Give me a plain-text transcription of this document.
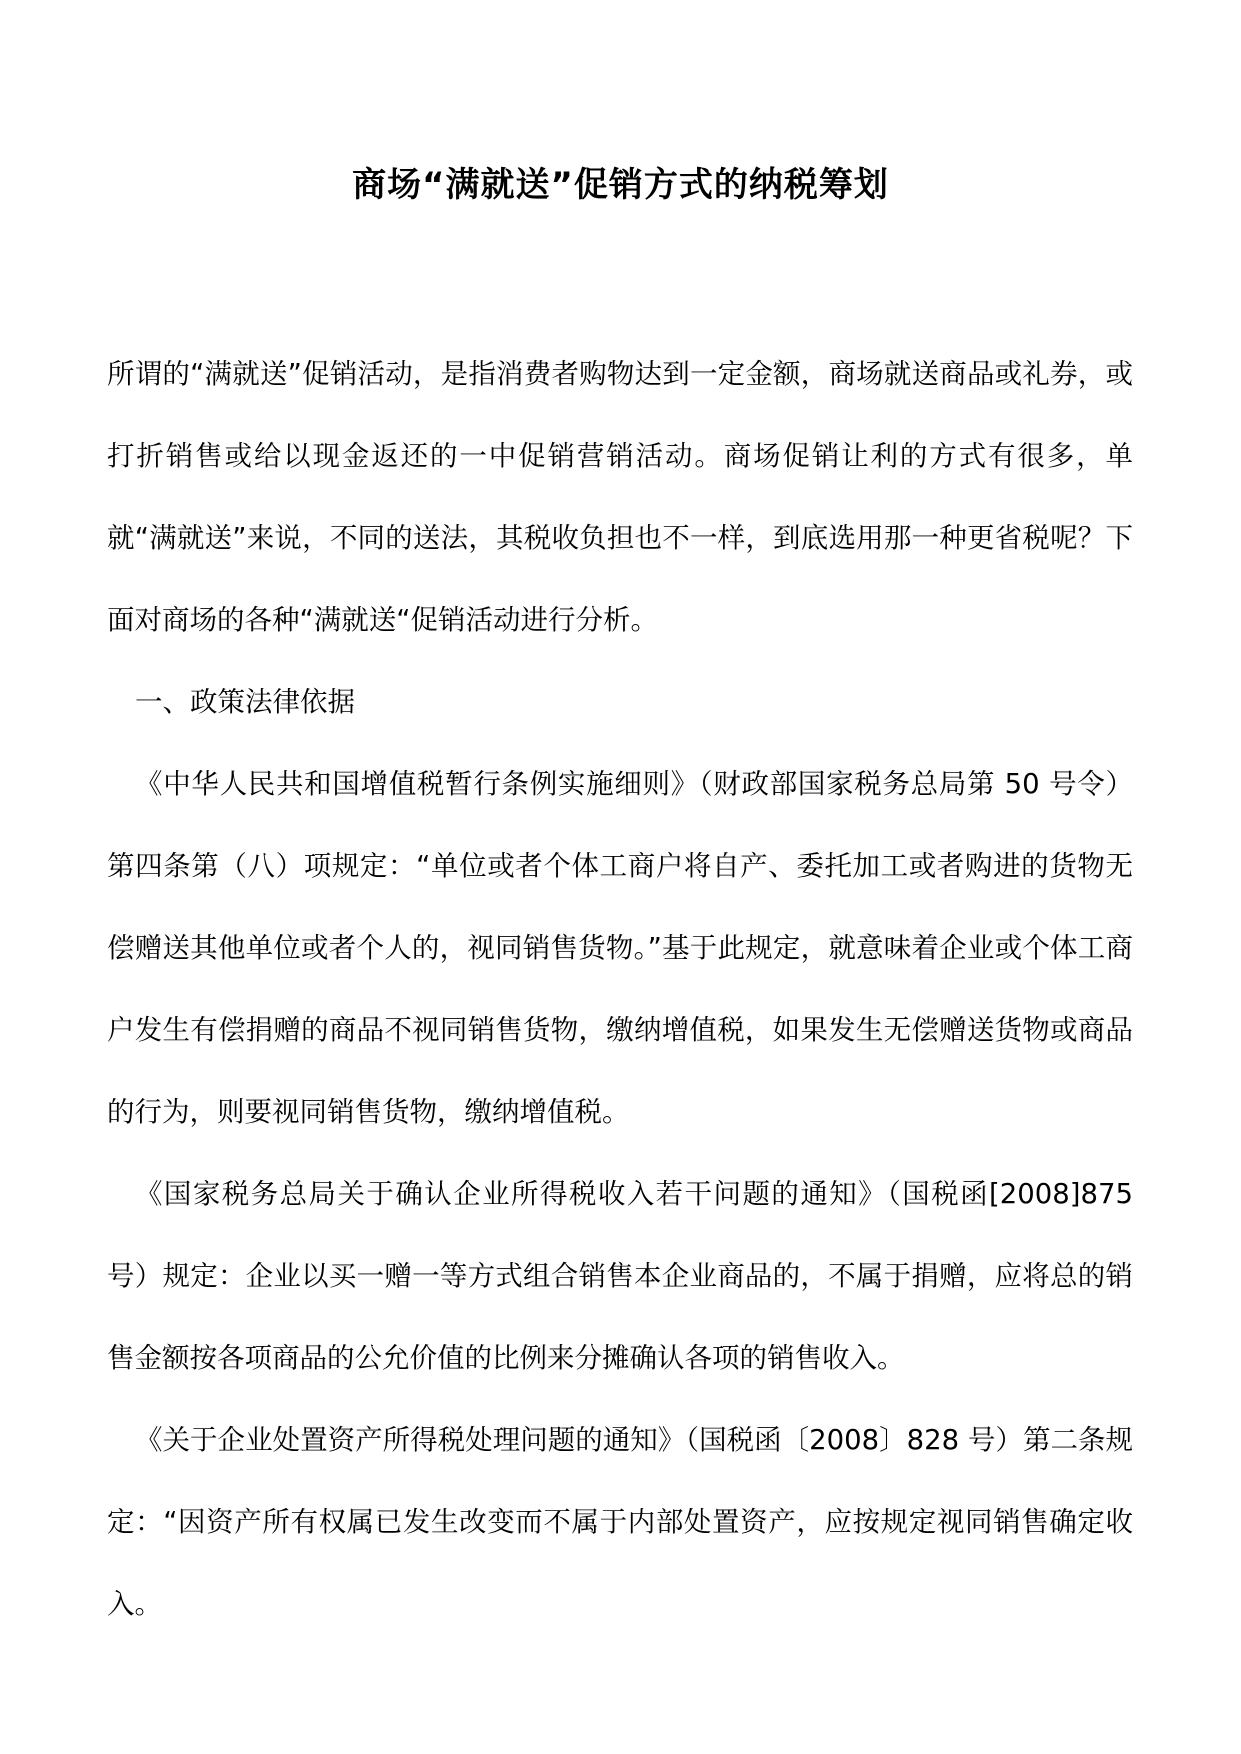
商场“满就送”促销方式的纳税筹划

所谓的“满就送”促销活动，是指消费者购物达到一定金额，商场就送商品或礼券，或打折销售或给以现金返还的一中促销营销活动。商场促销让利的方式有很多，单就“满就送”来说，不同的送法，其税收负担也不一样，到底选用那一种更省税呢？下面对商场的各种“满就送“促销活动进行分析。

一、政策法律依据

《中华人民共和国增值税暂行条例实施细则》（财政部国家税务总局第 50 号令）第四条第（八）项规定：“单位或者个体工商户将自产、委托加工或者购进的货物无偿赠送其他单位或者个人的，视同销售货物。”基于此规定，就意味着企业或个体工商户发生有偿捐赠的商品不视同销售货物，缴纳增值税，如果发生无偿赠送货物或商品的行为，则要视同销售货物，缴纳增值税。

《国家税务总局关于确认企业所得税收入若干问题的通知》（国税函[2008]875 号）规定：企业以买一赠一等方式组合销售本企业商品的，不属于捐赠，应将总的销售金额按各项商品的公允价值的比例来分摊确认各项的销售收入。

《关于企业处置资产所得税处理问题的通知》（国税函〔2008〕828 号）第二条规定：“因资产所有权属已发生改变而不属于内部处置资产，应按规定视同销售确定收入。
